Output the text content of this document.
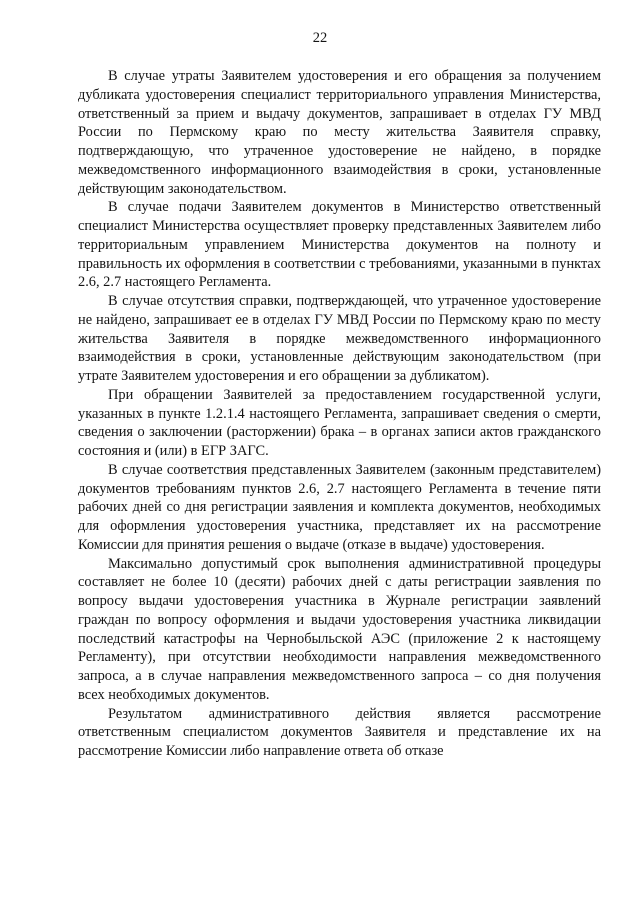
22

В случае утраты Заявителем удостоверения и его обращения за получением дубликата удостоверения специалист территориального управления Министерства, ответственный за прием и выдачу документов, запрашивает в отделах ГУ МВД России по Пермскому краю по месту жительства Заявителя справку, подтверждающую, что утраченное удостоверение не найдено, в порядке межведомственного информационного взаимодействия в сроки, установленные действующим законодательством.

В случае подачи Заявителем документов в Министерство ответственный специалист Министерства осуществляет проверку представленных Заявителем либо территориальным управлением Министерства документов на полноту и правильность их оформления в соответствии с требованиями, указанными в пунктах 2.6, 2.7 настоящего Регламента.

В случае отсутствия справки, подтверждающей, что утраченное удостоверение не найдено, запрашивает ее в отделах ГУ МВД России по Пермскому краю по месту жительства Заявителя в порядке межведомственного информационного взаимодействия в сроки, установленные действующим законодательством (при утрате Заявителем удостоверения и его обращении за дубликатом).

При обращении Заявителей за предоставлением государственной услуги, указанных в пункте 1.2.1.4 настоящего Регламента, запрашивает сведения о смерти, сведения о заключении (расторжении) брака – в органах записи актов гражданского состояния и (или) в ЕГР ЗАГС.

В случае соответствия представленных Заявителем (законным представителем) документов требованиям пунктов 2.6, 2.7 настоящего Регламента в течение пяти рабочих дней со дня регистрации заявления и комплекта документов, необходимых для оформления удостоверения участника, представляет их на рассмотрение Комиссии для принятия решения о выдаче (отказе в выдаче) удостоверения.

Максимально допустимый срок выполнения административной процедуры составляет не более 10 (десяти) рабочих дней с даты регистрации заявления по вопросу выдачи удостоверения участника в Журнале регистрации заявлений граждан по вопросу оформления и выдачи удостоверения участника ликвидации последствий катастрофы на Чернобыльской АЭС (приложение 2 к настоящему Регламенту), при отсутствии необходимости направления межведомственного запроса, а в случае направления межведомственного запроса – со дня получения всех необходимых документов.

Результатом административного действия является рассмотрение ответственным специалистом документов Заявителя и представление их на рассмотрение Комиссии либо направление ответа об отказе
